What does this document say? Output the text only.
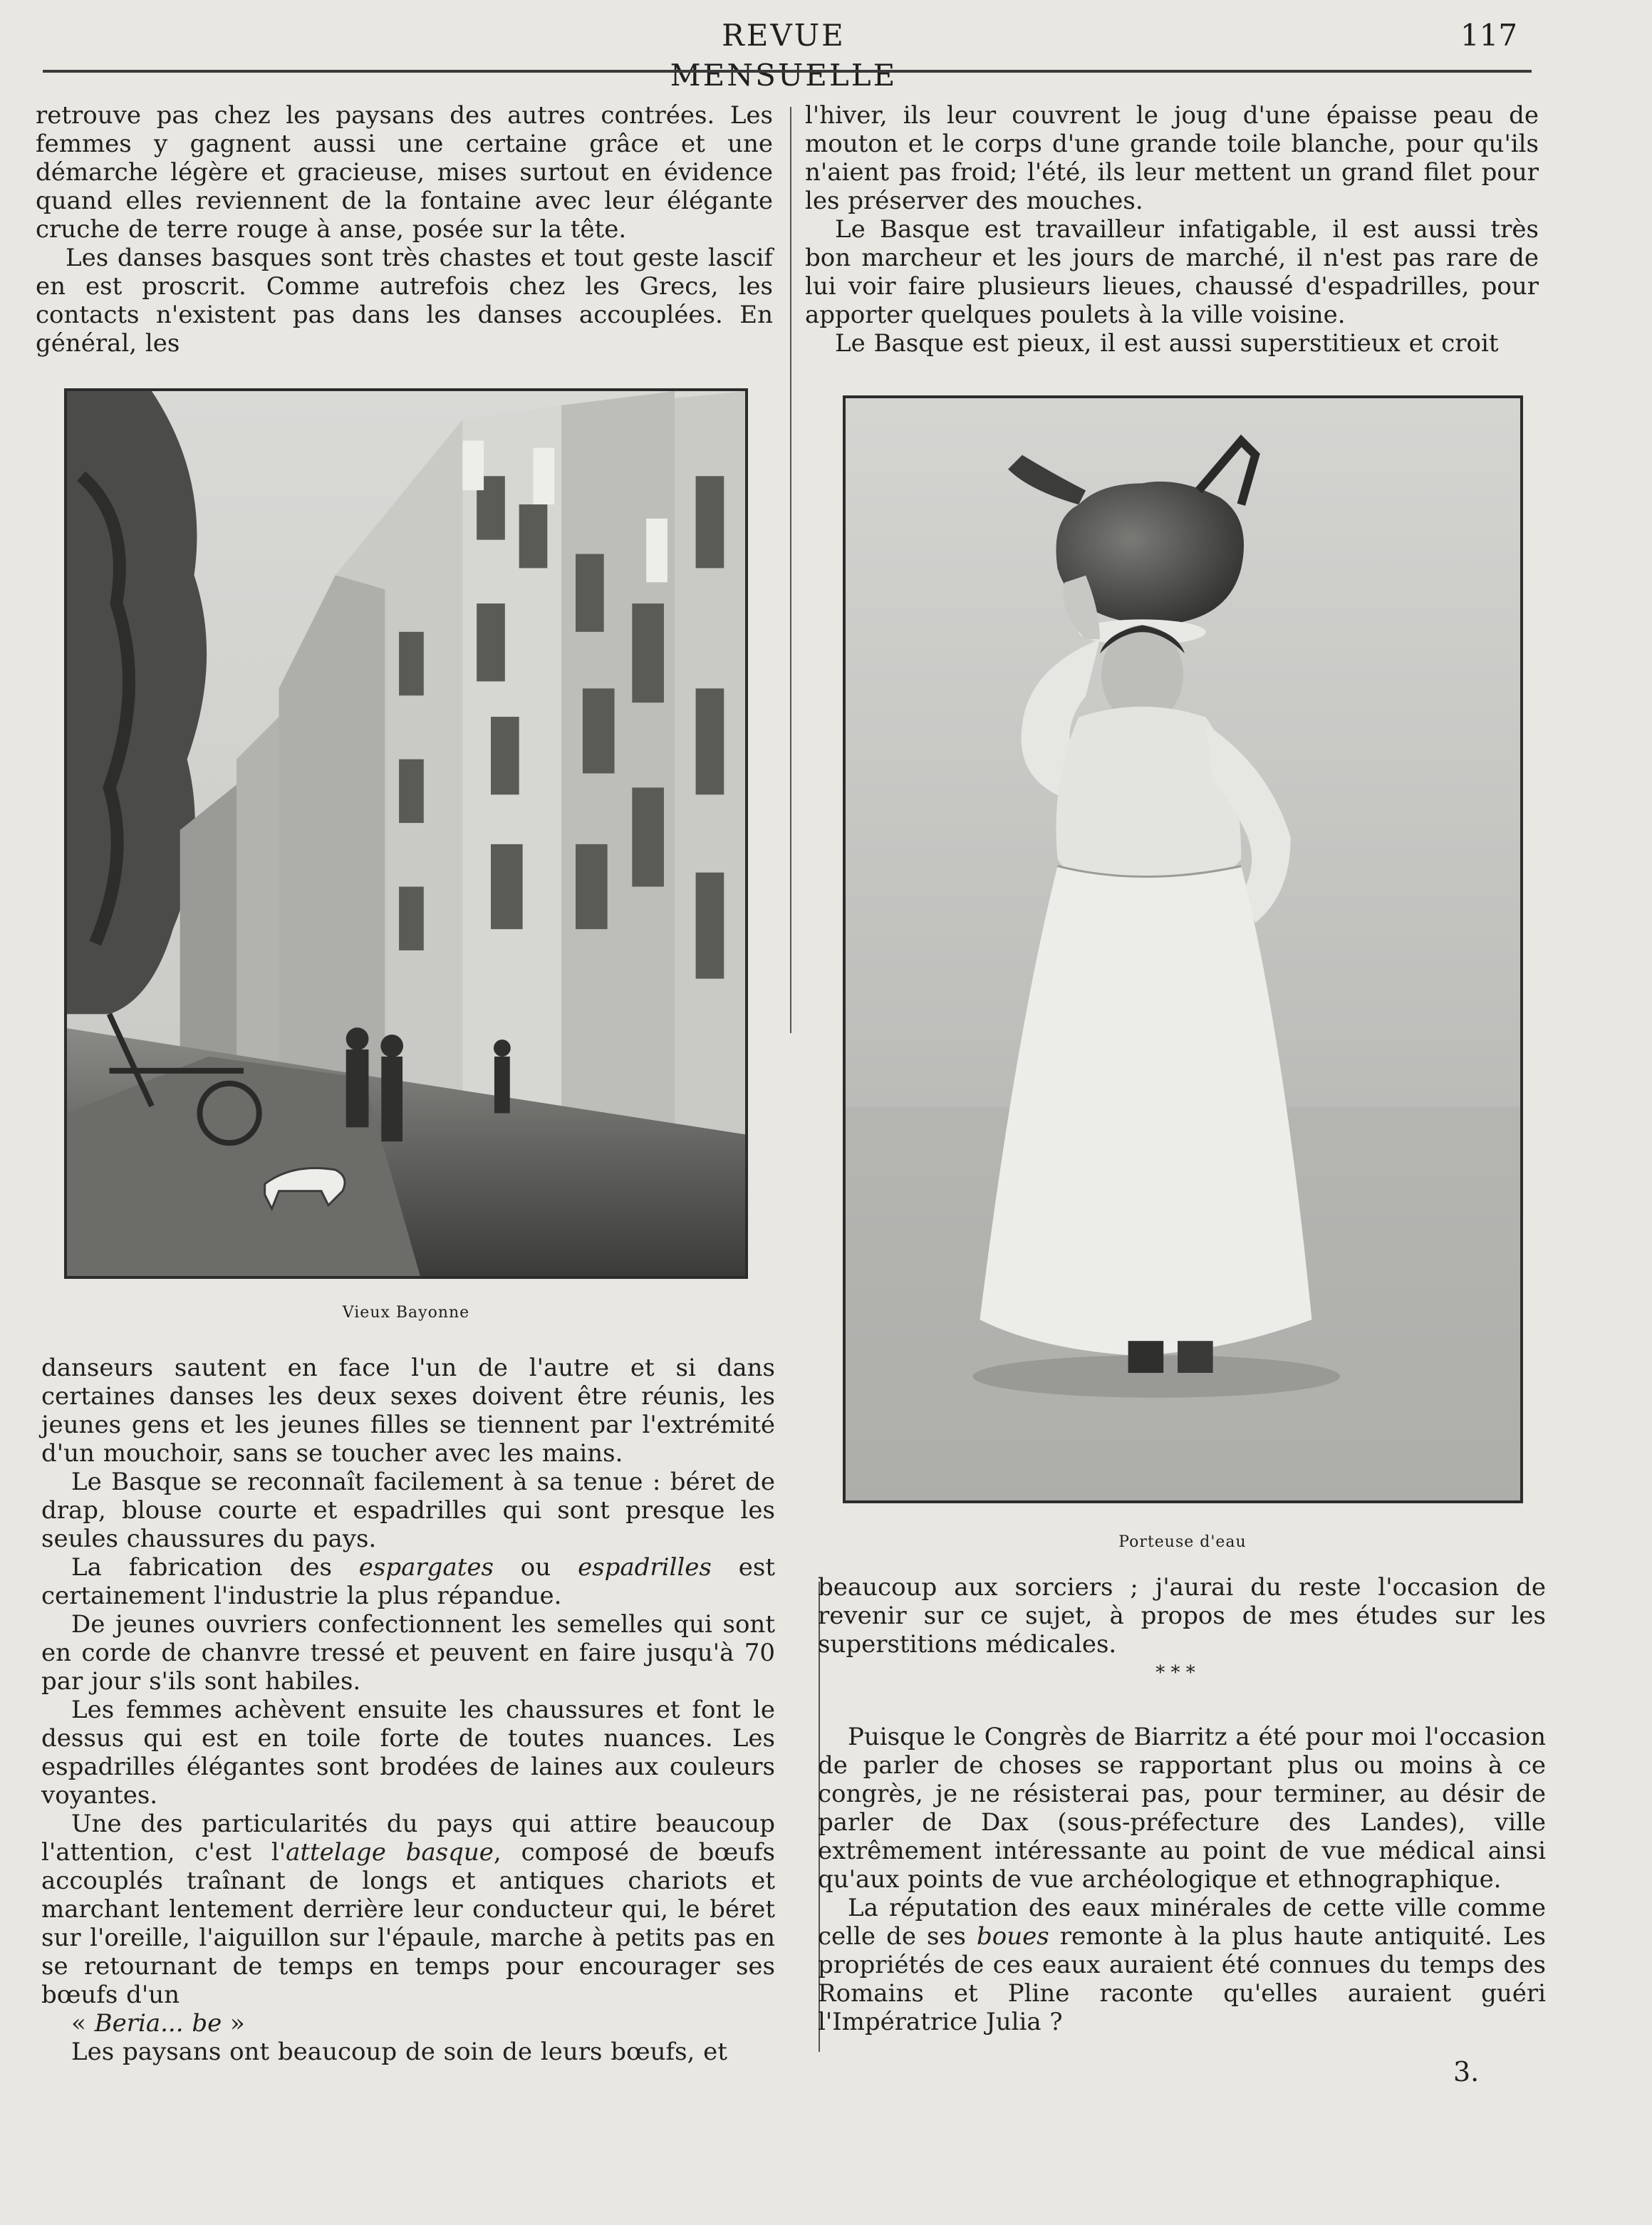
REVUE MENSUELLE
117

retrouve pas chez les paysans des autres contrées. Les femmes y gagnent aussi une certaine grâce et une démarche légère et gracieuse, mises surtout en évidence quand elles reviennent de la fontaine avec leur élégante cruche de terre rouge à anse, posée sur la tête.

Les danses basques sont très chastes et tout geste lascif en est proscrit. Comme autrefois chez les Grecs, les contacts n'existent pas dans les danses accouplées. En général, les

Vieux Bayonne

danseurs sautent en face l'un de l'autre et si dans certaines danses les deux sexes doivent être réunis, les jeunes gens et les jeunes filles se tiennent par l'extrémité d'un mouchoir, sans se toucher avec les mains.

Le Basque se reconnaît facilement à sa tenue : béret de drap, blouse courte et espadrilles qui sont presque les seules chaussures du pays.

La fabrication des espargates ou espadrilles est certainement l'industrie la plus répandue.

De jeunes ouvriers confectionnent les semelles qui sont en corde de chanvre tressé et peuvent en faire jusqu'à 70 par jour s'ils sont habiles.

Les femmes achèvent ensuite les chaussures et font le dessus qui est en toile forte de toutes nuances. Les espadrilles élégantes sont brodées de laines aux couleurs voyantes.

Une des particularités du pays qui attire beaucoup l'attention, c'est l'attelage basque, composé de bœufs accouplés traînant de longs et antiques chariots et marchant lentement derrière leur conducteur qui, le béret sur l'oreille, l'aiguillon sur l'épaule, marche à petits pas en se retournant de temps en temps pour encourager ses bœufs d'un

« Beria... be »

Les paysans ont beaucoup de soin de leurs bœufs, et

l'hiver, ils leur couvrent le joug d'une épaisse peau de mouton et le corps d'une grande toile blanche, pour qu'ils n'aient pas froid; l'été, ils leur mettent un grand filet pour les préserver des mouches.

Le Basque est travailleur infatigable, il est aussi très bon marcheur et les jours de marché, il n'est pas rare de lui voir faire plusieurs lieues, chaussé d'espadrilles, pour apporter quelques poulets à la ville voisine.

Le Basque est pieux, il est aussi superstitieux et croit

Porteuse d'eau

beaucoup aux sorciers ; j'aurai du reste l'occasion de revenir sur ce sujet, à propos de mes études sur les superstitions médicales.

* * *

Puisque le Congrès de Biarritz a été pour moi l'occasion de parler de choses se rapportant plus ou moins à ce congrès, je ne résisterai pas, pour terminer, au désir de parler de Dax (sous-préfecture des Landes), ville extrêmement intéressante au point de vue médical ainsi qu'aux points de vue archéologique et ethnographique.

La réputation des eaux minérales de cette ville comme celle de ses boues remonte à la plus haute antiquité. Les propriétés de ces eaux auraient été connues du temps des Romains et Pline raconte qu'elles auraient guéri l'Impératrice Julia ?

3.
